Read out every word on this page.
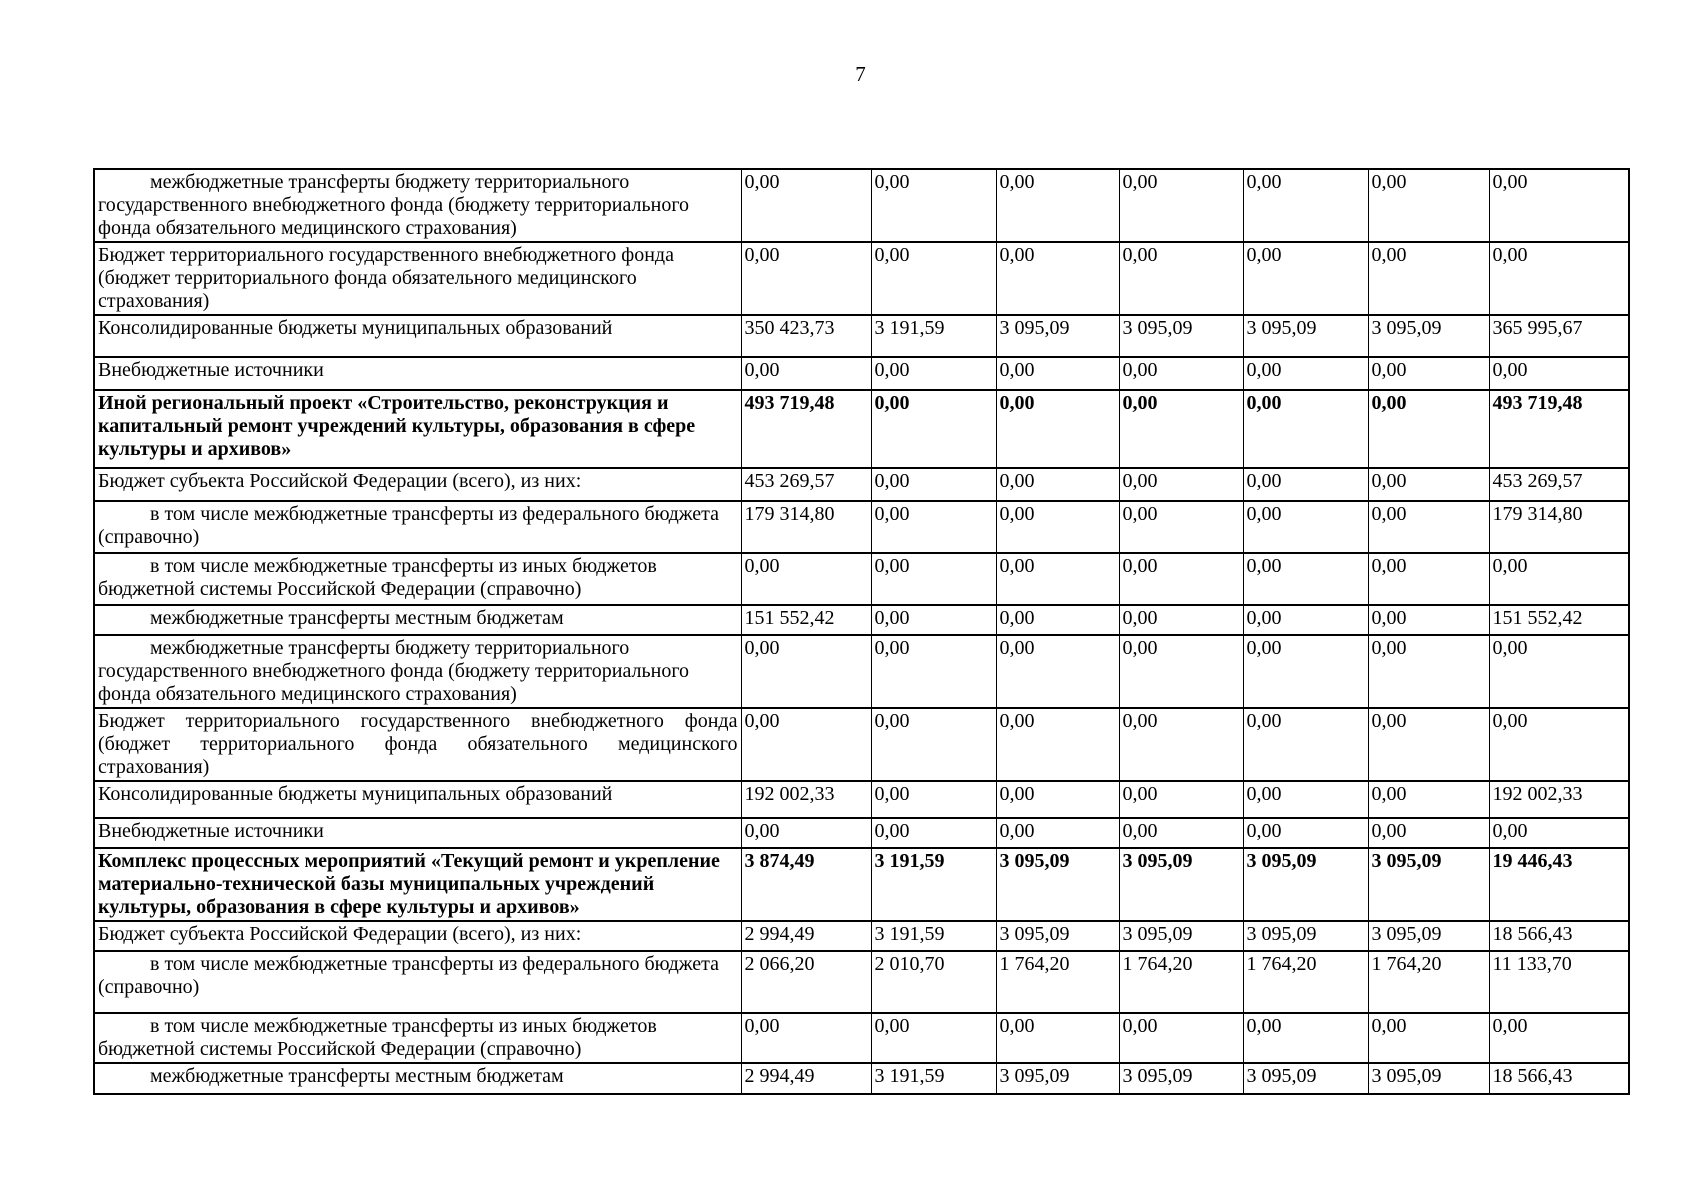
7
межбюджетные трансферты бюджету территориального государственного внебюджетного фонда (бюджету территориального фонда обязательного медицинского страхования)	0,00	0,00	0,00	0,00	0,00	0,00	0,00
Бюджет территориального государственного внебюджетного фонда (бюджет территориального фонда обязательного медицинского страхования)	0,00	0,00	0,00	0,00	0,00	0,00	0,00
Консолидированные бюджеты муниципальных образований	350 423,73	3 191,59	3 095,09	3 095,09	3 095,09	3 095,09	365 995,67
Внебюджетные источники	0,00	0,00	0,00	0,00	0,00	0,00	0,00
Иной региональный проект «Строительство, реконструкция и капитальный ремонт учреждений культуры, образования в сфере культуры и архивов»	493 719,48	0,00	0,00	0,00	0,00	0,00	493 719,48
Бюджет субъекта Российской Федерации (всего), из них:	453 269,57	0,00	0,00	0,00	0,00	0,00	453 269,57
в том числе межбюджетные трансферты из федерального бюджета (справочно)	179 314,80	0,00	0,00	0,00	0,00	0,00	179 314,80
в том числе межбюджетные трансферты из иных бюджетов бюджетной системы Российской Федерации (справочно)	0,00	0,00	0,00	0,00	0,00	0,00	0,00
межбюджетные трансферты местным бюджетам	151 552,42	0,00	0,00	0,00	0,00	0,00	151 552,42
межбюджетные трансферты бюджету территориального государственного внебюджетного фонда (бюджету территориального фонда обязательного медицинского страхования)	0,00	0,00	0,00	0,00	0,00	0,00	0,00
Бюджет территориального государственного внебюджетного фонда (бюджет территориального фонда обязательного медицинского страхования)	0,00	0,00	0,00	0,00	0,00	0,00	0,00
Консолидированные бюджеты муниципальных образований	192 002,33	0,00	0,00	0,00	0,00	0,00	192 002,33
Внебюджетные источники	0,00	0,00	0,00	0,00	0,00	0,00	0,00
Комплекс процессных мероприятий «Текущий ремонт и укрепление материально-технической базы муниципальных учреждений культуры, образования в сфере культуры и архивов»	3 874,49	3 191,59	3 095,09	3 095,09	3 095,09	3 095,09	19 446,43
Бюджет субъекта Российской Федерации (всего), из них:	2 994,49	3 191,59	3 095,09	3 095,09	3 095,09	3 095,09	18 566,43
в том числе межбюджетные трансферты из федерального бюджета (справочно)	2 066,20	2 010,70	1 764,20	1 764,20	1 764,20	1 764,20	11 133,70
в том числе межбюджетные трансферты из иных бюджетов бюджетной системы Российской Федерации (справочно)	0,00	0,00	0,00	0,00	0,00	0,00	0,00
межбюджетные трансферты местным бюджетам	2 994,49	3 191,59	3 095,09	3 095,09	3 095,09	3 095,09	18 566,43
